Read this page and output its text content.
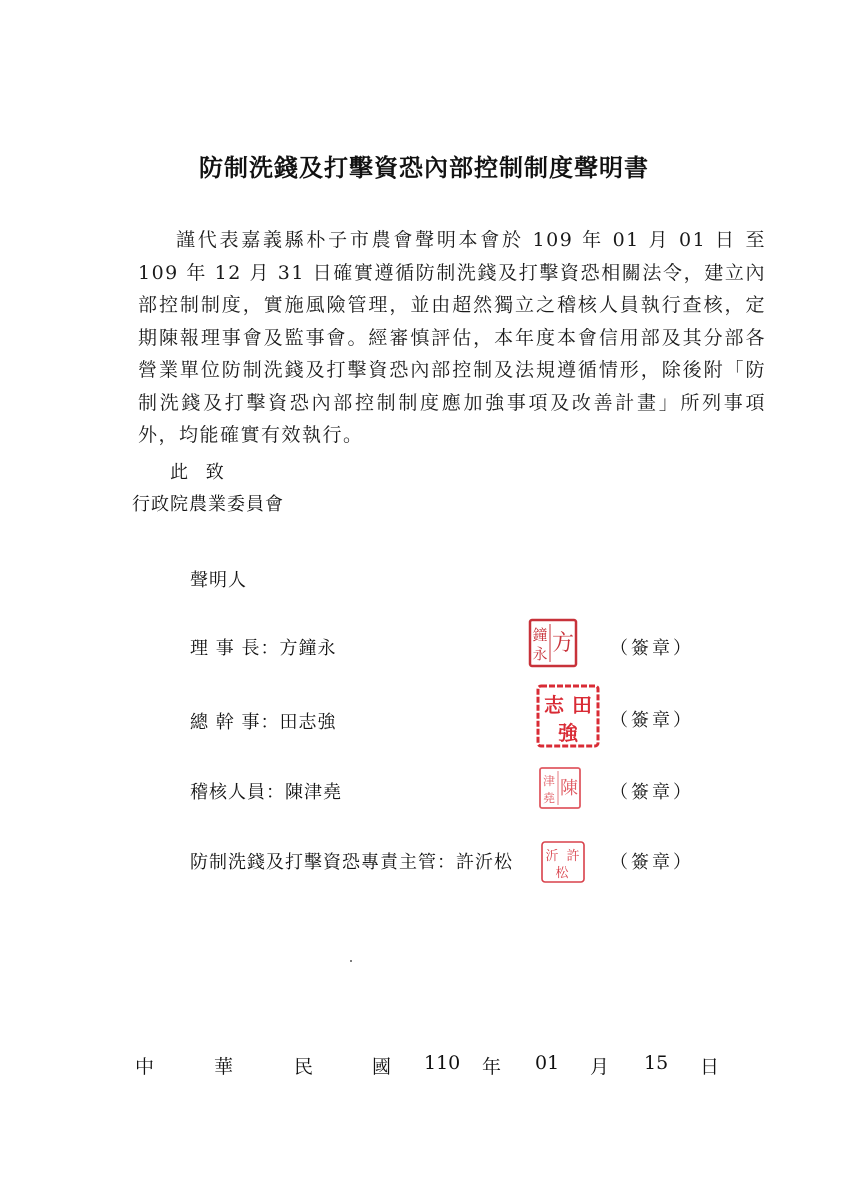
防制洗錢及打擊資恐內部控制制度聲明書
謹代表嘉義縣朴子市農會聲明本會於 109 年 01 月 01 日 至 109 年 12 月 31 日確實遵循防制洗錢及打擊資恐相關法令，建立內部控制制度，實施風險管理，並由超然獨立之稽核人員執行查核，定期陳報理事會及監事會。經審慎評估，本年度本會信用部及其分部各營業單位防制洗錢及打擊資恐內部控制及法規遵循情形，除後附「防制洗錢及打擊資恐內部控制制度應加強事項及改善計畫」所列事項外，均能確實有效執行。
此 致
行政院農業委員會
聲明人
理 事 長：方鐘永
鐘 方
永	（簽章）
總 幹 事：田志強
志 田
強
（簽章）
稽核人員：陳津堯
津 陳
堯	（簽章）
防制洗錢及打擊資恐專責主管：許沂松 沂 許
松
（簽章）
中	華	民	國 110 年 01 月 15 日
